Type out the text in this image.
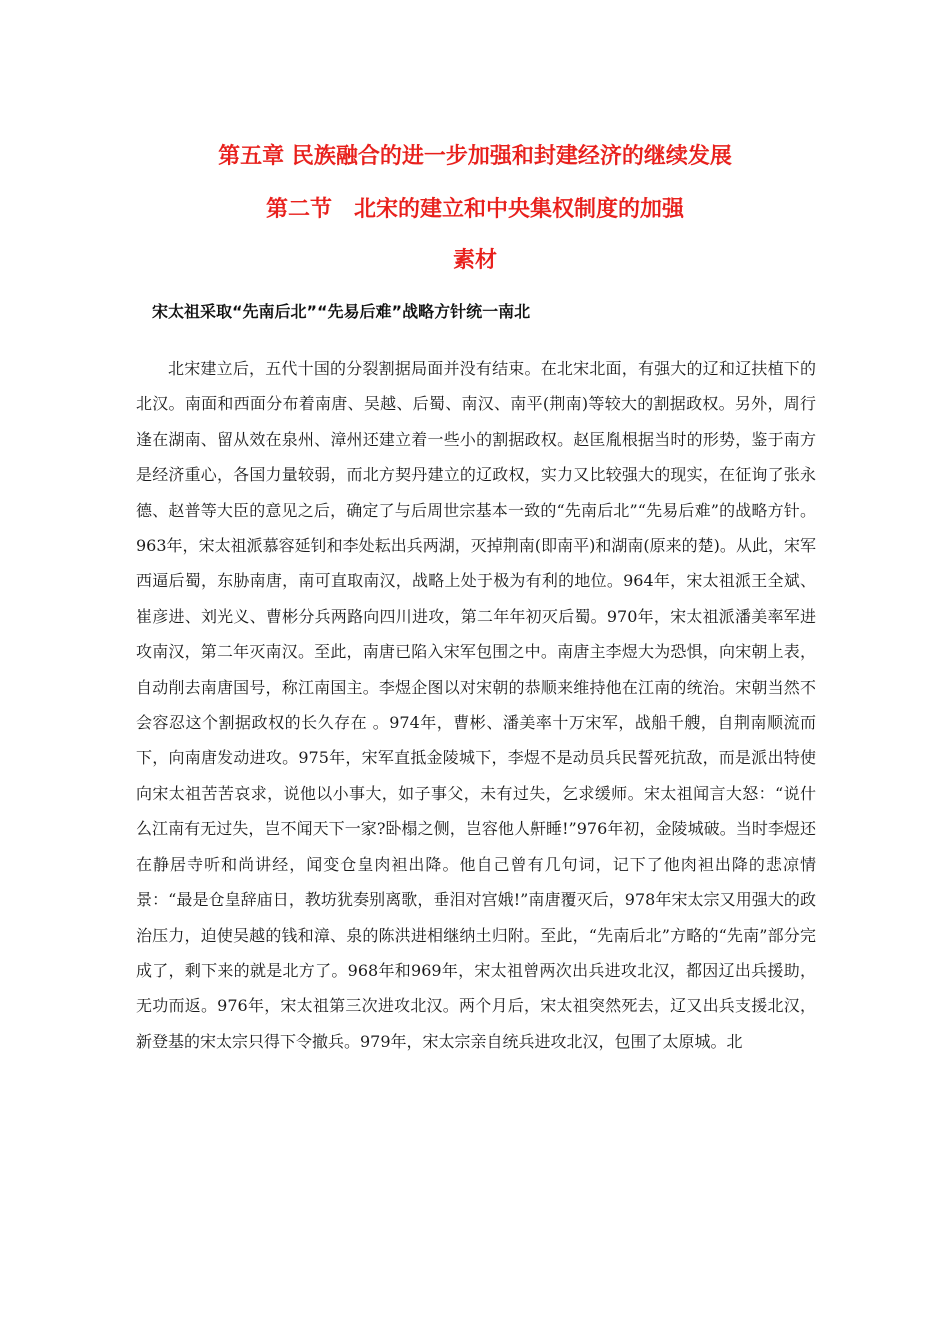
第五章 民族融合的进一步加强和封建经济的继续发展
第二节　北宋的建立和中央集权制度的加强
素材
宋太祖采取“先南后北”“先易后难”战略方针统一南北

北宋建立后，五代十国的分裂割据局面并没有结束。在北宋北面，有强大的辽和辽扶植下的北汉。南面和西面分布着南唐、吴越、后蜀、南汉、南平(荆南)等较大的割据政权。另外，周行逢在湖南、留从效在泉州、漳州还建立着一些小的割据政权。赵匡胤根据当时的形势，鉴于南方是经济重心，各国力量较弱，而北方契丹建立的辽政权，实力又比较强大的现实，在征询了张永德、赵普等大臣的意见之后，确定了与后周世宗基本一致的“先南后北”“先易后难”的战略方针。963年，宋太祖派慕容延钊和李处耘出兵两湖，灭掉荆南(即南平)和湖南(原来的楚)。从此，宋军西逼后蜀，东胁南唐，南可直取南汉，战略上处于极为有利的地位。964年，宋太祖派王全斌、崔彦进、刘光义、曹彬分兵两路向四川进攻，第二年年初灭后蜀。970年，宋太祖派潘美率军进攻南汉，第二年灭南汉。至此，南唐已陷入宋军包围之中。南唐主李煜大为恐惧，向宋朝上表，自动削去南唐国号，称江南国主。李煜企图以对宋朝的恭顺来维持他在江南的统治。宋朝当然不会容忍这个割据政权的长久存在 。974年，曹彬、潘美率十万宋军，战船千艘，自荆南顺流而下，向南唐发动进攻。975年，宋军直抵金陵城下，李煜不是动员兵民誓死抗敌，而是派出特使向宋太祖苦苦哀求，说他以小事大，如子事父，未有过失，乞求缓师。宋太祖闻言大怒：“说什么江南有无过失，岂不闻天下一家?卧榻之侧，岂容他人鼾睡!”976年初，金陵城破。当时李煜还在静居寺听和尚讲经，闻变仓皇肉袒出降。他自己曾有几句词，记下了他肉袒出降的悲凉情景：“最是仓皇辞庙日，教坊犹奏别离歌，垂泪对宫娥!”南唐覆灭后，978年宋太宗又用强大的政治压力，迫使吴越的钱和漳、泉的陈洪进相继纳土归附。至此，“先南后北”方略的“先南”部分完成了，剩下来的就是北方了。968年和969年，宋太祖曾两次出兵进攻北汉，都因辽出兵援助，无功而返。976年，宋太祖第三次进攻北汉。两个月后，宋太祖突然死去，辽又出兵支援北汉，新登基的宋太宗只得下令撤兵。979年，宋太宗亲自统兵进攻北汉，包围了太原城。北
